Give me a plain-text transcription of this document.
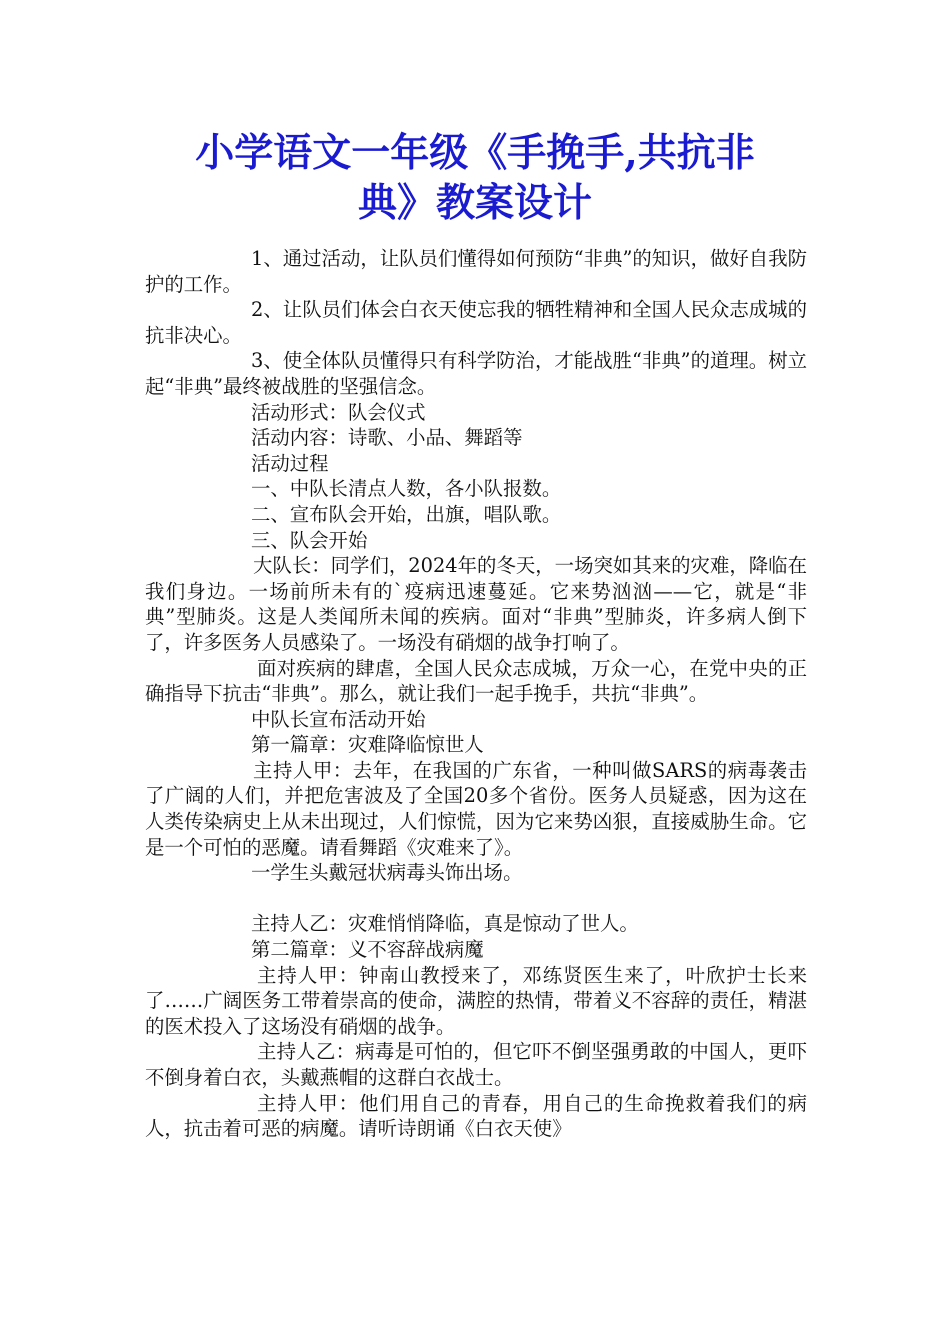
小学语文一年级《手挽手,共抗非
典》教案设计

1、通过活动，让队员们懂得如何预防“非典”的知识，做好自我防护的工作。

2、让队员们体会白衣天使忘我的牺牲精神和全国人民众志成城的抗非决心。

3、使全体队员懂得只有科学防治，才能战胜“非典”的道理。树立起“非典”最终被战胜的坚强信念。

活动形式：队会仪式

活动内容：诗歌、小品、舞蹈等

活动过程

一、中队长清点人数，各小队报数。

二、宣布队会开始，出旗，唱队歌。

三、队会开始

大队长：同学们，2024年的冬天，一场突如其来的灾难，降临在我们身边。一场前所未有的`疫病迅速蔓延。它来势汹汹——它，就是“非典”型肺炎。这是人类闻所未闻的疾病。面对“非典”型肺炎，许多病人倒下了，许多医务人员感染了。一场没有硝烟的战争打响了。

面对疾病的肆虐，全国人民众志成城，万众一心，在党中央的正确指导下抗击“非典”。那么，就让我们一起手挽手，共抗“非典”。

中队长宣布活动开始

第一篇章：灾难降临惊世人

主持人甲：去年，在我国的广东省，一种叫做SARS的病毒袭击了广阔的人们，并把危害波及了全国20多个省份。医务人员疑惑，因为这在人类传染病史上从未出现过，人们惊慌，因为它来势凶狠，直接威胁生命。它是一个可怕的恶魔。请看舞蹈《灾难来了》。

一学生头戴冠状病毒头饰出场。

主持人乙：灾难悄悄降临，真是惊动了世人。

第二篇章：义不容辞战病魔

主持人甲：钟南山教授来了，邓练贤医生来了，叶欣护士长来了……广阔医务工带着崇高的使命，满腔的热情，带着义不容辞的责任，精湛的医术投入了这场没有硝烟的战争。

主持人乙：病毒是可怕的，但它吓不倒坚强勇敢的中国人，更吓不倒身着白衣，头戴燕帽的这群白衣战士。

主持人甲：他们用自己的青春，用自己的生命挽救着我们的病人，抗击着可恶的病魔。请听诗朗诵《白衣天使》
